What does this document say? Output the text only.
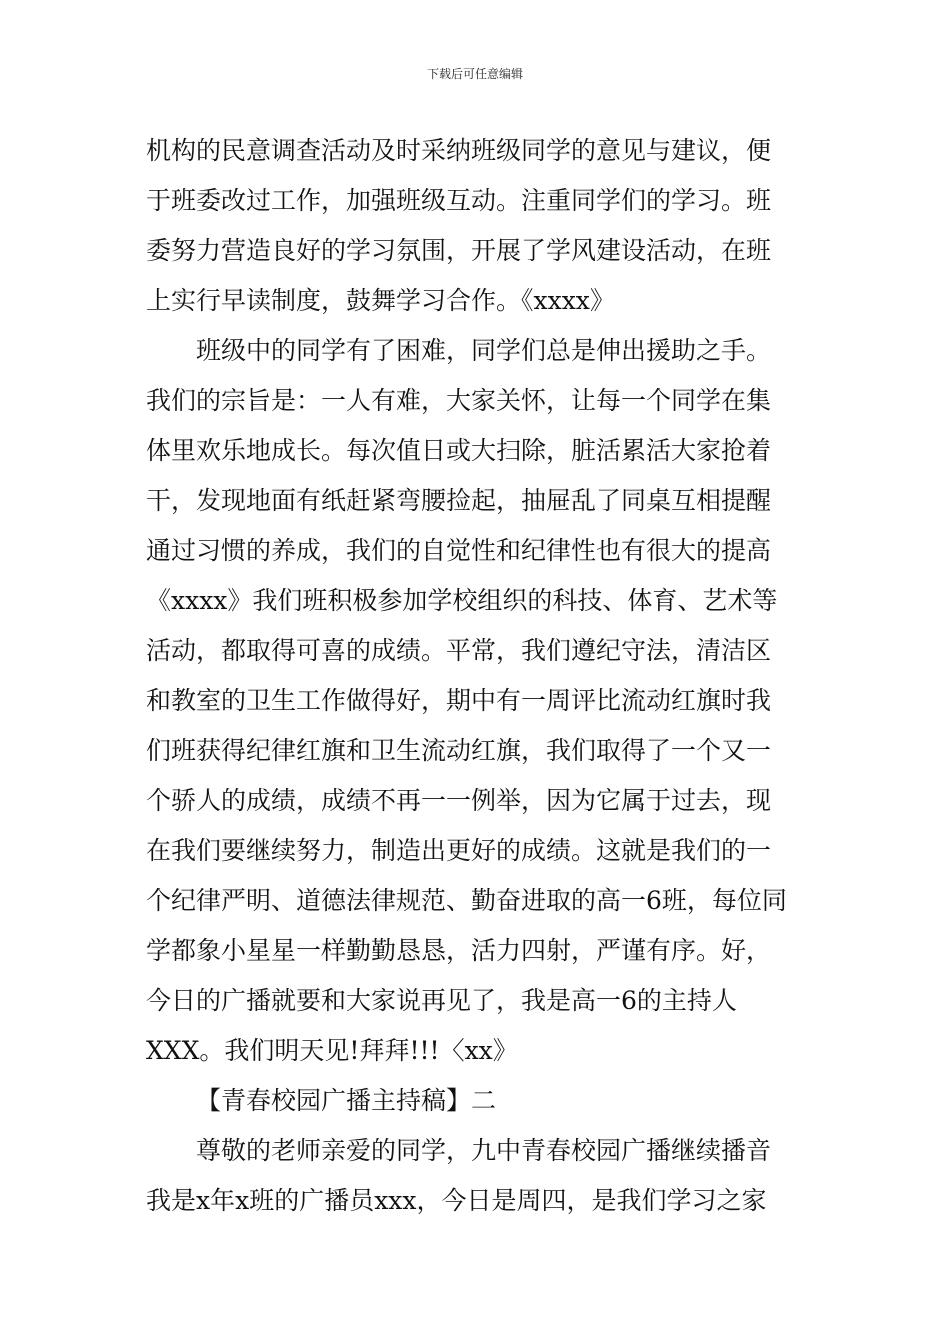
下载后可任意编辑
机构的民意调查活动及时采纳班级同学的意见与建议，便
于班委改过工作，加强班级互动。注重同学们的学习。班
委努力营造良好的学习氛围，开展了学风建设活动，在班
上实行早读制度，鼓舞学习合作。《xxxx》
班级中的同学有了困难，同学们总是伸出援助之手。
我们的宗旨是：一人有难，大家关怀，让每一个同学在集
体里欢乐地成长。每次值日或大扫除，脏活累活大家抢着
干，发现地面有纸赶紧弯腰捡起，抽屉乱了同桌互相提醒
通过习惯的养成，我们的自觉性和纪律性也有很大的提高
《xxxx》我们班积极参加学校组织的科技、体育、艺术等
活动，都取得可喜的成绩。平常，我们遵纪守法，清洁区
和教室的卫生工作做得好，期中有一周评比流动红旗时我
们班获得纪律红旗和卫生流动红旗，我们取得了一个又一
个骄人的成绩，成绩不再一一例举，因为它属于过去，现
在我们要继续努力，制造出更好的成绩。这就是我们的一
个纪律严明、道德法律规范、勤奋进取的高一6班，每位同
学都象小星星一样勤勤恳恳，活力四射，严谨有序。好，
今日的广播就要和大家说再见了，我是高一6的主持人
XXX。我们明天见!拜拜!!!〈xx》
【青春校园广播主持稿】二
尊敬的老师亲爱的同学，九中青春校园广播继续播音
我是x年x班的广播员xxx，今日是周四，是我们学习之家
